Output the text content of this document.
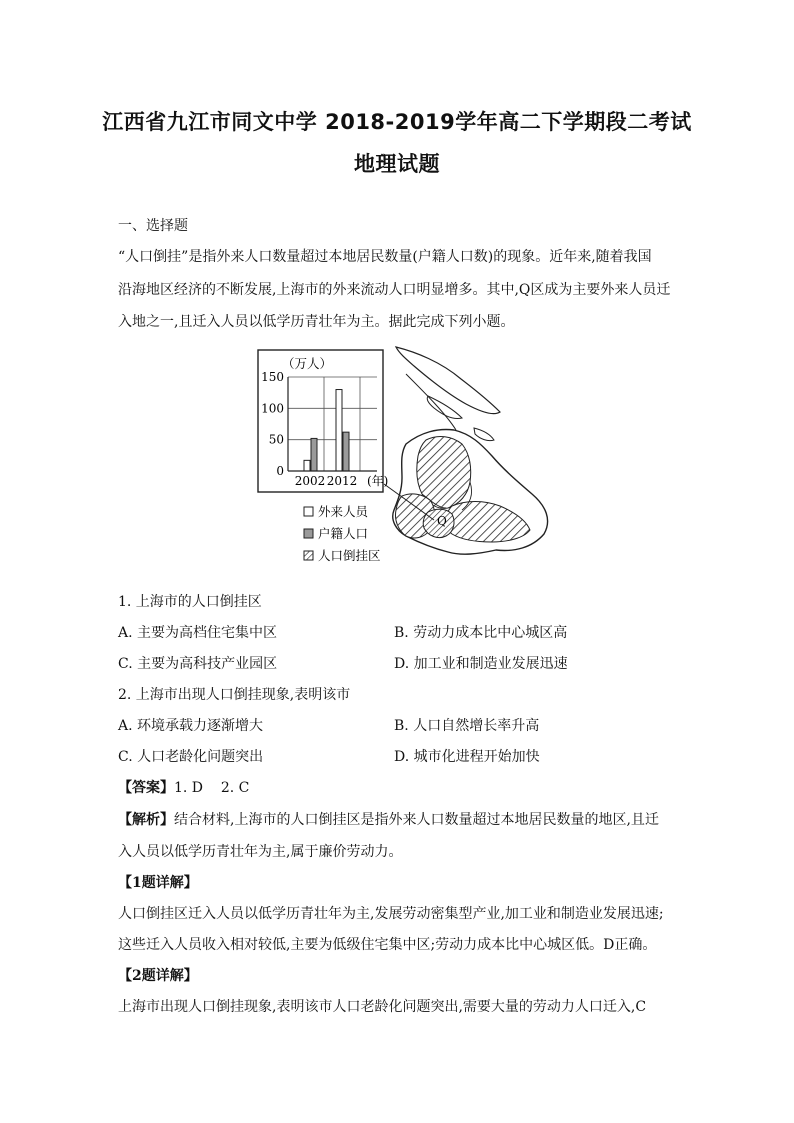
江西省九江市同文中学 2018-2019学年高二下学期段二考试
地理试题
一、选择题
“人口倒挂”是指外来人口数量超过本地居民数量(户籍人口数)的现象。近年来,随着我国
沿海地区经济的不断发展,上海市的外来流动人口明显增多。其中,Q区成为主要外来人员迁
入地之一,且迁入人员以低学历青壮年为主。据此完成下列小题。
Q
（万人）
150
100
50
0
2002 2012 (年)
外来人员
户籍人口
人口倒挂区
1. 上海市的人口倒挂区
A. 主要为高档住宅集中区	B. 劳动力成本比中心城区高
C. 主要为高科技产业园区	D. 加工业和制造业发展迅速
2. 上海市出现人口倒挂现象,表明该市
A. 环境承载力逐渐增大	B. 人口自然增长率升高
C. 人口老龄化问题突出	D. 城市化进程开始加快
【答案】1. D    2. C
【解析】结合材料,上海市的人口倒挂区是指外来人口数量超过本地居民数量的地区,且迁
入人员以低学历青壮年为主,属于廉价劳动力。
【1题详解】
人口倒挂区迁入人员以低学历青壮年为主,发展劳动密集型产业,加工业和制造业发展迅速;
这些迁入人员收入相对较低,主要为低级住宅集中区;劳动力成本比中心城区低。D正确。
【2题详解】
上海市出现人口倒挂现象,表明该市人口老龄化问题突出,需要大量的劳动力人口迁入,C
